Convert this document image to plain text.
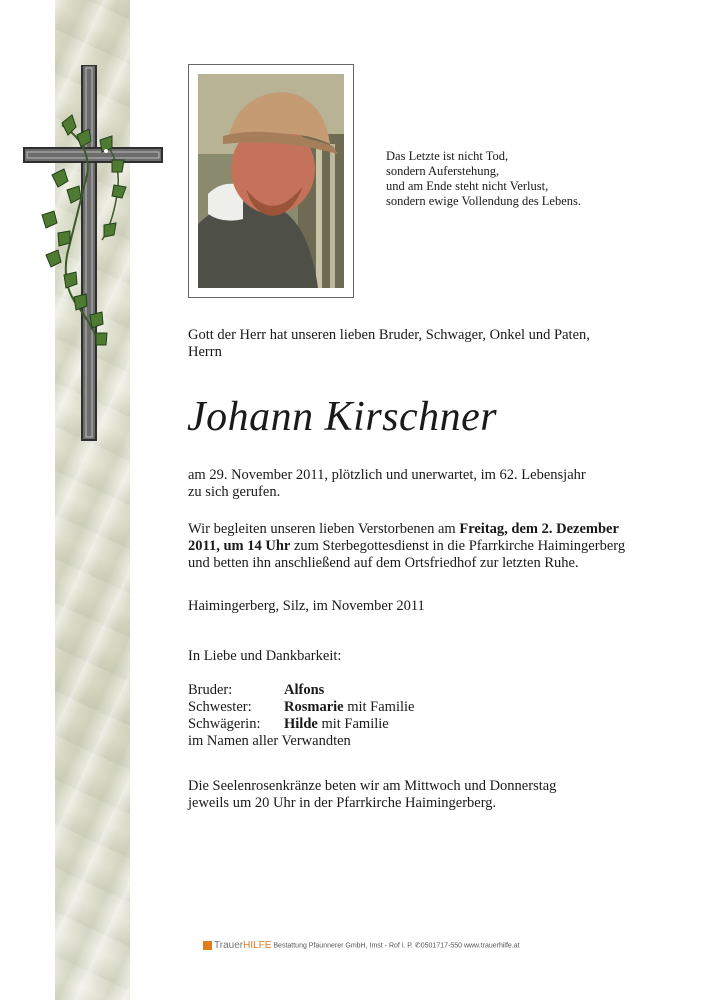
Das Letzte ist nicht Tod,
sondern Auferstehung,
und am Ende steht nicht Verlust,
sondern ewige Vollendung des Lebens.
Gott der Herr hat unseren lieben Bruder, Schwager, Onkel und Paten,
Herrn
Johann Kirschner
am 29. November 2011, plötzlich und unerwartet, im 62. Lebensjahr
zu sich gerufen.
Wir begleiten unseren lieben Verstorbenen am Freitag, dem 2. Dezember
2011, um 14 Uhr zum Sterbegottesdienst in die Pfarrkirche Haimingerberg
und betten ihn anschließend auf dem Ortsfriedhof zur letzten Ruhe.
Haimingerberg, Silz, im November 2011
In Liebe und Dankbarkeit:
Bruder:	Alfons
Schwester: Rosmarie mit Familie
Schwägerin: Hilde mit Familie
im Namen aller Verwandten
Die Seelenrosenkränze beten wir am Mittwoch und Donnerstag
jeweils um 20 Uhr in der Pfarrkirche Haimingerberg.
TrauerHILFE Bestattung Pfaunnerer GmbH, Imst - Rof i. P. ✆0501717-550 www.trauerhilfe.at
